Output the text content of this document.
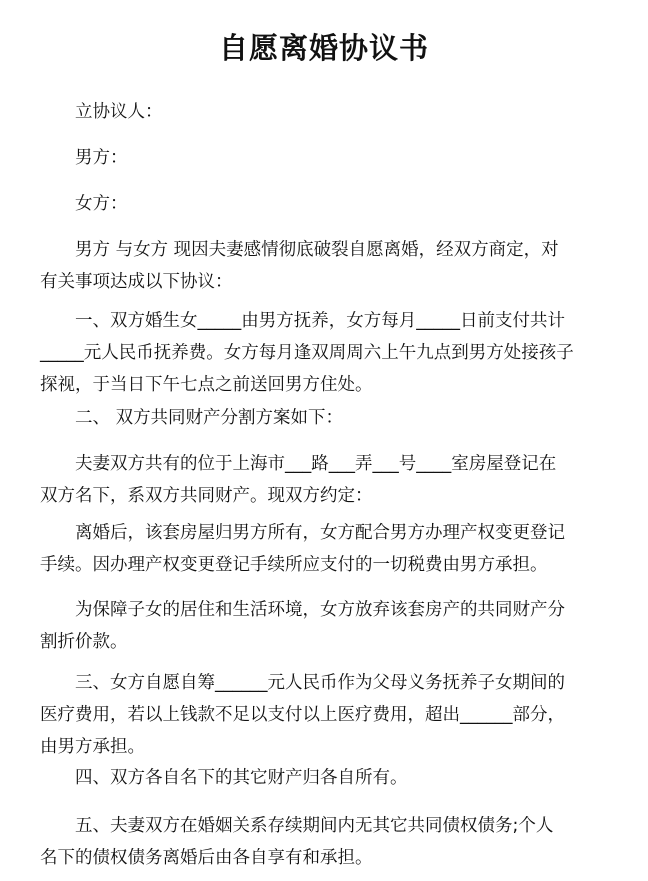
自愿离婚协议书

立协议人：

男方：

女方：

男方 与女方 现因夫妻感情彻底破裂自愿离婚，经双方商定，对
有关事项达成以下协议：

一、双方婚生女_____由男方抚养，女方每月_____日前支付共计
_____元人民币抚养费。女方每月逢双周周六上午九点到男方处接孩子
探视，于当日下午七点之前送回男方住处。

二、 双方共同财产分割方案如下：

夫妻双方共有的位于上海市___路___弄___号____室房屋登记在
双方名下，系双方共同财产。现双方约定：

离婚后，该套房屋归男方所有，女方配合男方办理产权变更登记
手续。因办理产权变更登记手续所应支付的一切税费由男方承担。

为保障子女的居住和生活环境，女方放弃该套房产的共同财产分
割折价款。

三、女方自愿自筹______元人民币作为父母义务抚养子女期间的
医疗费用，若以上钱款不足以支付以上医疗费用，超出______部分，
由男方承担。

四、双方各自名下的其它财产归各自所有。

五、夫妻双方在婚姻关系存续期间内无其它共同债权债务;个人
名下的债权债务离婚后由各自享有和承担。
